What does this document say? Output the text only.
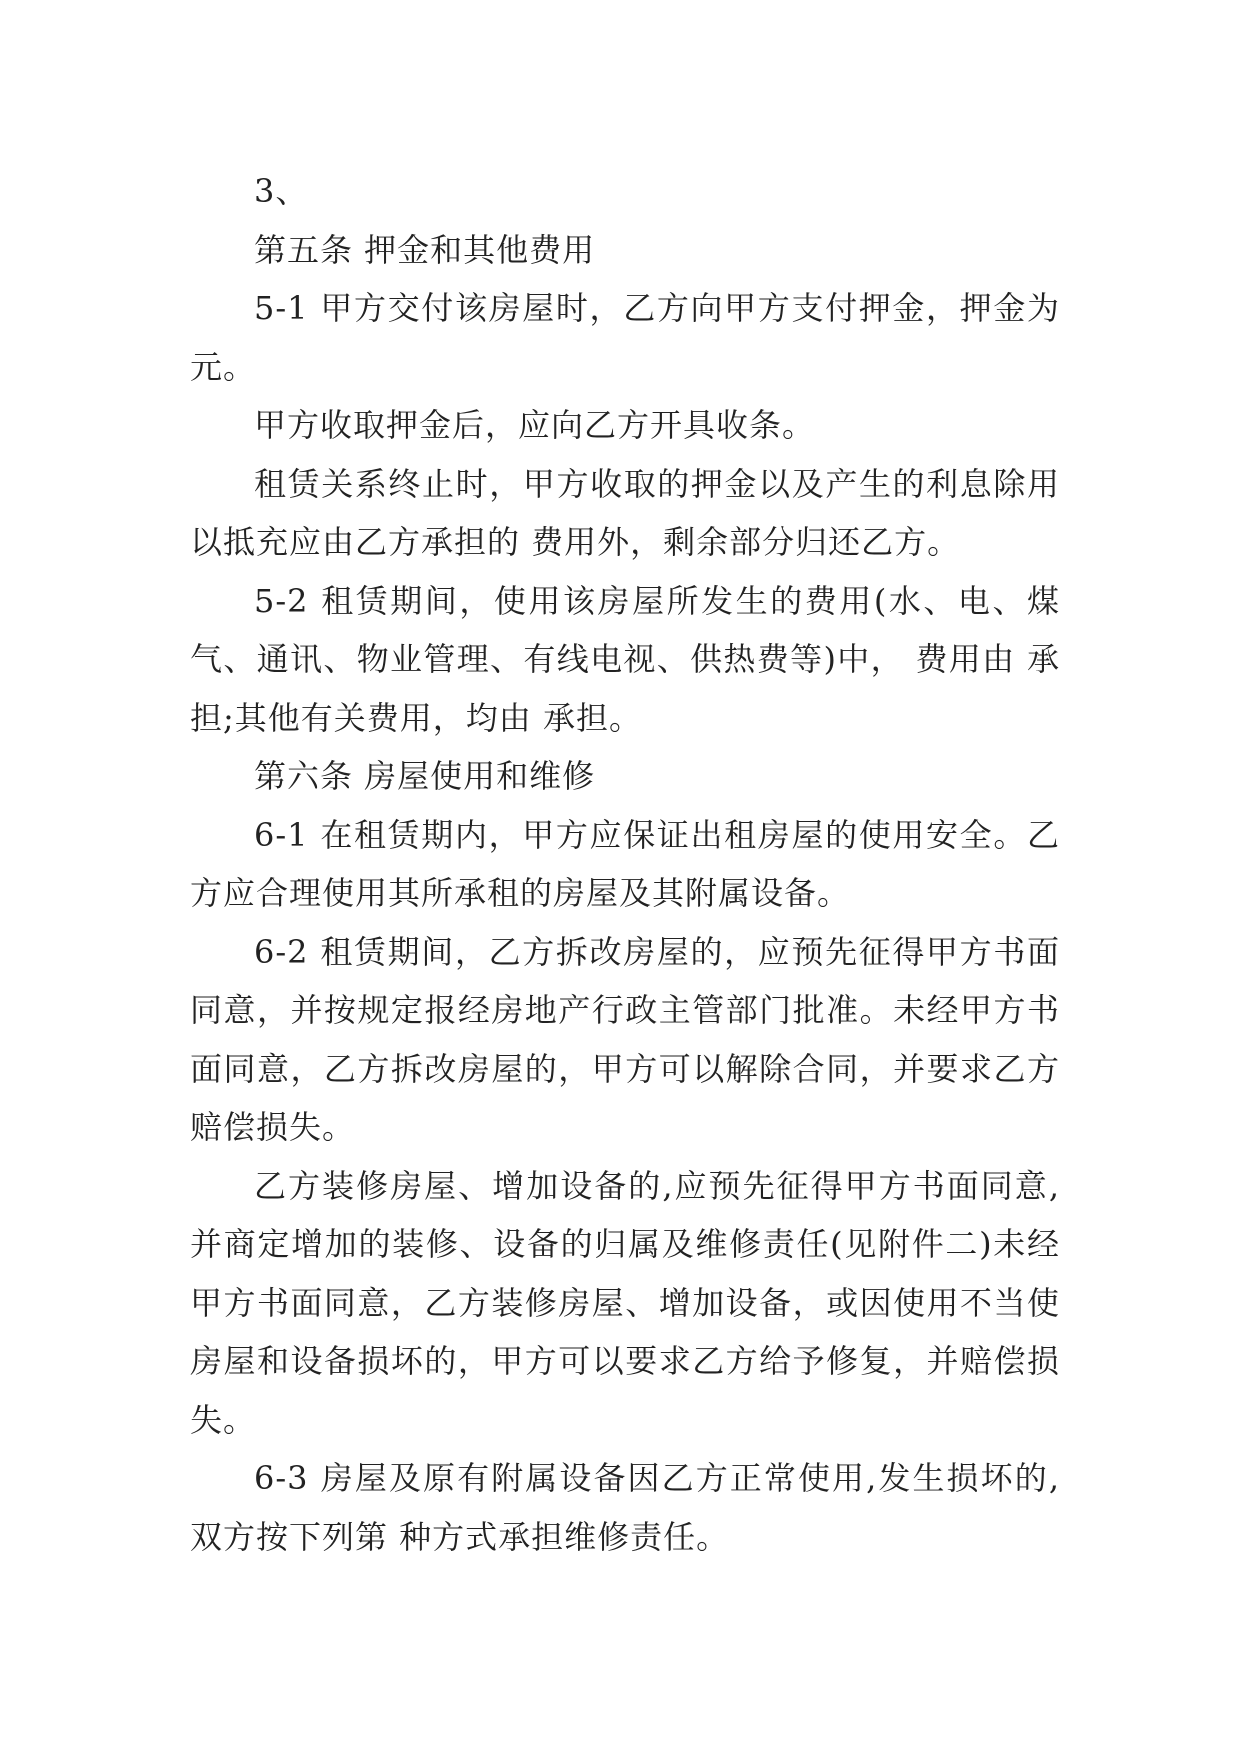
3、

第五条 押金和其他费用

5-1 甲方交付该房屋时，乙方向甲方支付押金，押金为 元。

甲方收取押金后，应向乙方开具收条。

租赁关系终止时，甲方收取的押金以及产生的利息除用以抵充应由乙方承担的 费用外，剩余部分归还乙方。

5-2 租赁期间，使用该房屋所发生的费用(水、电、煤气、通讯、物业管理、有线电视、供热费等)中， 费用由 承担;其他有关费用，均由 承担。

第六条 房屋使用和维修

6-1 在租赁期内，甲方应保证出租房屋的使用安全。乙方应合理使用其所承租的房屋及其附属设备。

6-2 租赁期间，乙方拆改房屋的，应预先征得甲方书面同意，并按规定报经房地产行政主管部门批准。未经甲方书面同意，乙方拆改房屋的，甲方可以解除合同，并要求乙方赔偿损失。

乙方装修房屋、增加设备的,应预先征得甲方书面同意,并商定增加的装修、设备的归属及维修责任(见附件二)未经甲方书面同意，乙方装修房屋、增加设备，或因使用不当使房屋和设备损坏的，甲方可以要求乙方给予修复，并赔偿损失。

6-3 房屋及原有附属设备因乙方正常使用,发生损坏的,双方按下列第 种方式承担维修责任。
